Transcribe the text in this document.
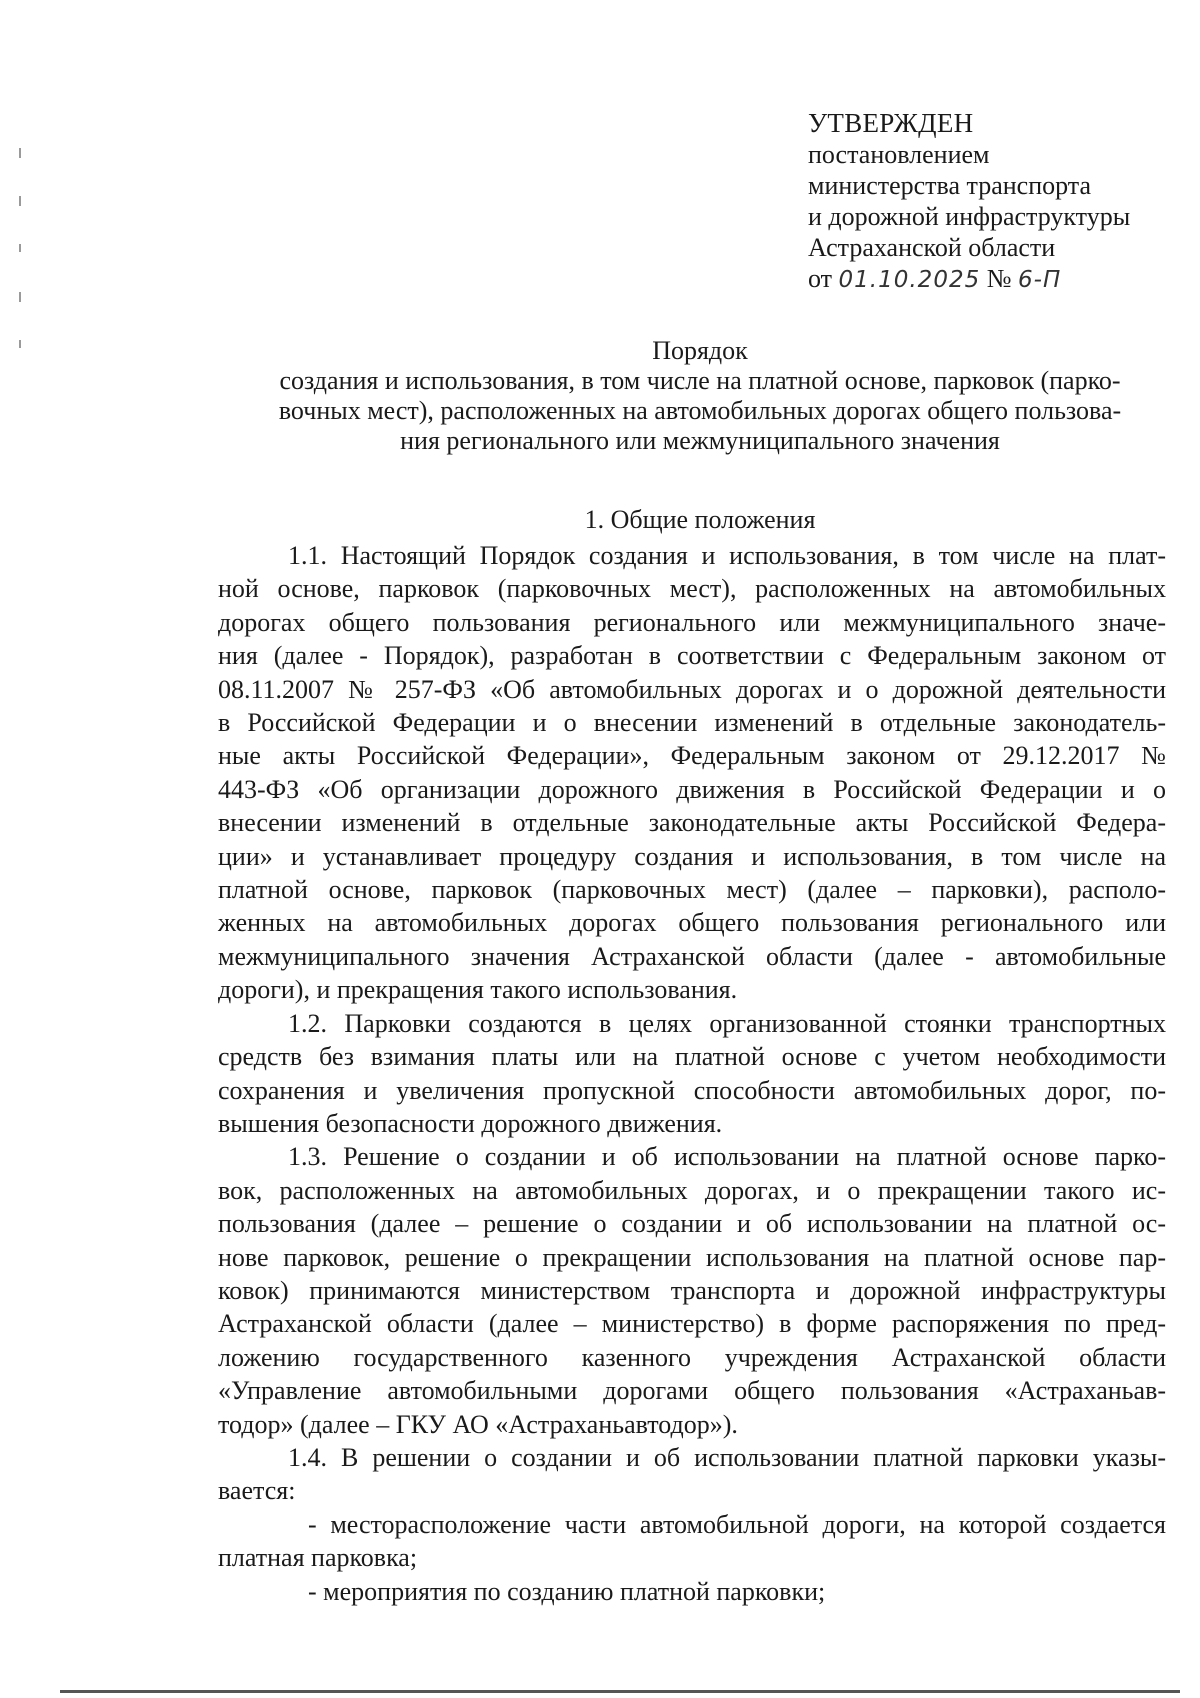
УТВЕРЖДЕН
постановлением
министерства транспорта
и дорожной инфраструктуры
Астраханской области
от 01.10.2025 № 6-П
Порядок
создания и использования, в том числе на платной основе, парковок (парко-
вочных мест), расположенных на автомобильных дорогах общего пользова-
ния регионального или межмуниципального значения
1. Общие положения
1.1. Настоящий Порядок создания и использования, в том числе на плат-
ной основе, парковок (парковочных мест), расположенных на автомобильных
дорогах общего пользования регионального или межмуниципального значе-
ния (далее - Порядок), разработан в соответствии с Федеральным законом от
08.11.2007 № 257-ФЗ «Об автомобильных дорогах и о дорожной деятельности
в Российской Федерации и о внесении изменений в отдельные законодатель-
ные акты Российской Федерации», Федеральным законом от 29.12.2017 №
443-ФЗ «Об организации дорожного движения в Российской Федерации и о
внесении изменений в отдельные законодательные акты Российской Федера-
ции» и устанавливает процедуру создания и использования, в том числе на
платной основе, парковок (парковочных мест) (далее – парковки), располо-
женных на автомобильных дорогах общего пользования регионального или
межмуниципального значения Астраханской области (далее - автомобильные
дороги), и прекращения такого использования.
1.2. Парковки создаются в целях организованной стоянки транспортных
средств без взимания платы или на платной основе с учетом необходимости
сохранения и увеличения пропускной способности автомобильных дорог, по-
вышения безопасности дорожного движения.
1.3. Решение о создании и об использовании на платной основе парко-
вок, расположенных на автомобильных дорогах, и о прекращении такого ис-
пользования (далее – решение о создании и об использовании на платной ос-
нове парковок, решение о прекращении использования на платной основе пар-
ковок) принимаются министерством транспорта и дорожной инфраструктуры
Астраханской области (далее – министерство) в форме распоряжения по пред-
ложению государственного казенного учреждения Астраханской области
«Управление автомобильными дорогами общего пользования «Астраханьав-
тодор» (далее – ГКУ АО «Астраханьавтодор»).
1.4. В решении о создании и об использовании платной парковки указы-
вается:
- месторасположение части автомобильной дороги, на которой создается
платная парковка;
- мероприятия по созданию платной парковки;
